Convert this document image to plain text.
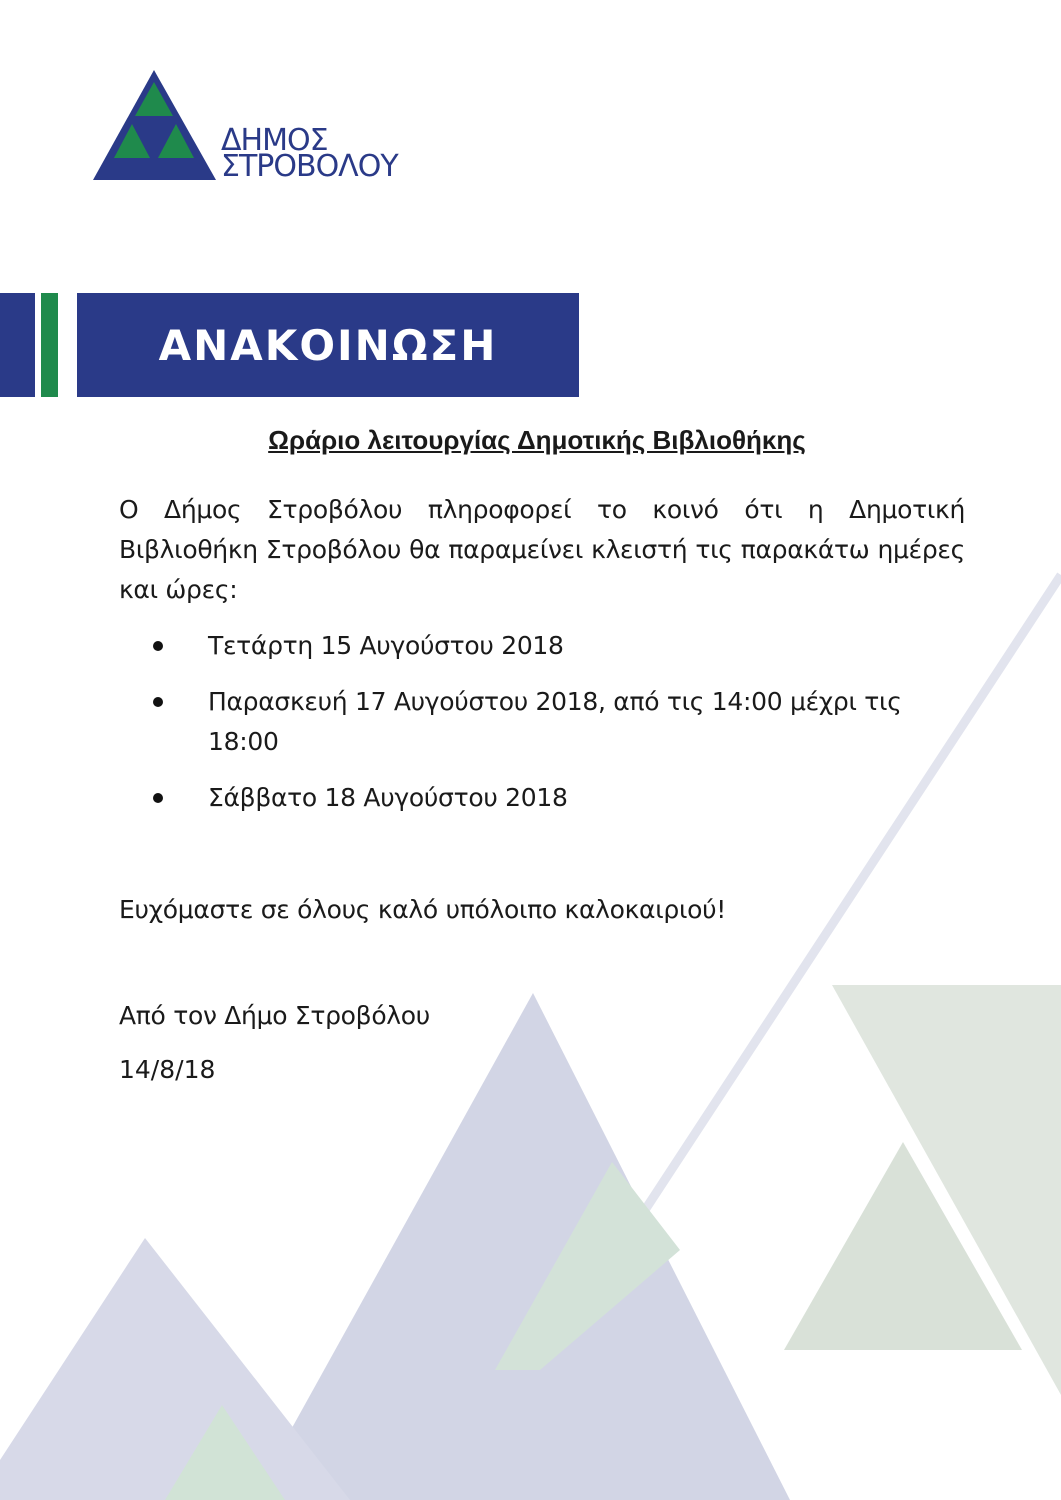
ΔΗΜΟΣ
ΣΤΡΟΒΟΛΟΥ
ΑΝΑΚΟΙΝΩΣΗ
Ωράριο λειτουργίας Δημοτικής Βιβλιοθήκης

Ο Δήμος Στροβόλου πληροφορεί το κοινό ότι η Δημοτική Βιβλιοθήκη Στροβόλου θα παραμείνει κλειστή τις παρακάτω ημέρες και ώρες:

Τετάρτη 15 Αυγούστου 2018
Παρασκευή 17 Αυγούστου 2018, από τις 14:00 μέχρι τις 18:00
Σάββατο 18 Αυγούστου 2018

Ευχόμαστε σε όλους καλό υπόλοιπο καλοκαιριού!

Από τον Δήμο Στροβόλου

14/8/18
